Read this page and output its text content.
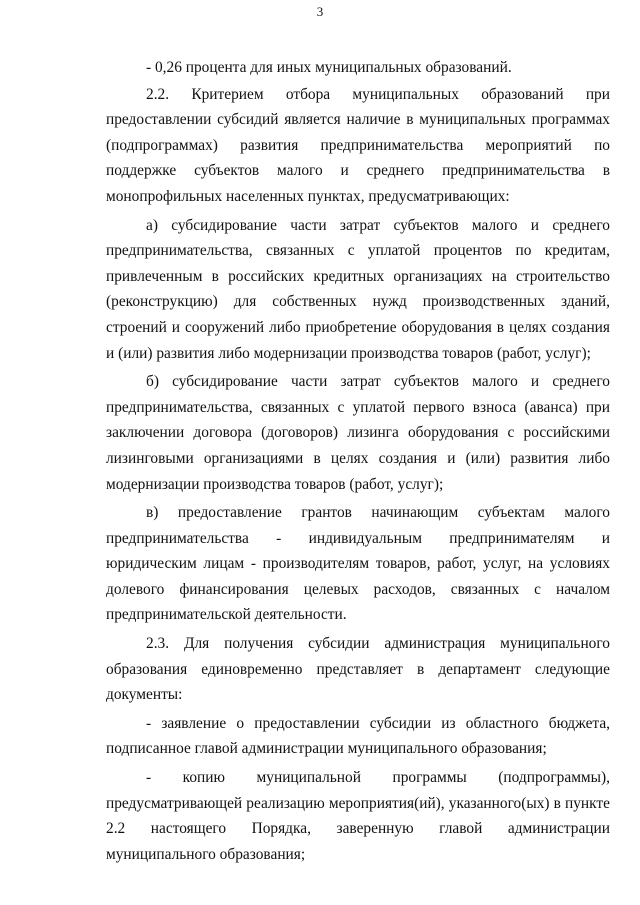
3

- 0,26 процента для иных муниципальных образований.

2.2. Критерием отбора муниципальных образований при предоставлении субсидий является наличие в муниципальных программах (подпрограммах) развития предпринимательства мероприятий по поддержке субъектов малого и среднего предпринимательства в монопрофильных населенных пунктах, предусматривающих:

а) субсидирование части затрат субъектов малого и среднего предпринимательства, связанных с уплатой процентов по кредитам, привлеченным в российских кредитных организациях на строительство (реконструкцию) для собственных нужд производственных зданий, строений и сооружений либо приобретение оборудования в целях создания и (или) развития либо модернизации производства товаров (работ, услуг);

б) субсидирование части затрат субъектов малого и среднего предпринимательства, связанных с уплатой первого взноса (аванса) при заключении договора (договоров) лизинга оборудования с российскими лизинговыми организациями в целях создания и (или) развития либо модернизации производства товаров (работ, услуг);

в) предоставление грантов начинающим субъектам малого предпринимательства - индивидуальным предпринимателям и юридическим лицам - производителям товаров, работ, услуг, на условиях долевого финансирования целевых расходов, связанных с началом предпринимательской деятельности.

2.3. Для получения субсидии администрация муниципального образования единовременно представляет в департамент следующие документы:

- заявление о предоставлении субсидии из областного бюджета, подписанное главой администрации муниципального образования;

- копию муниципальной программы (подпрограммы), предусматривающей реализацию мероприятия(ий), указанного(ых) в пункте 2.2 настоящего Порядка, заверенную главой администрации муниципального образования;
